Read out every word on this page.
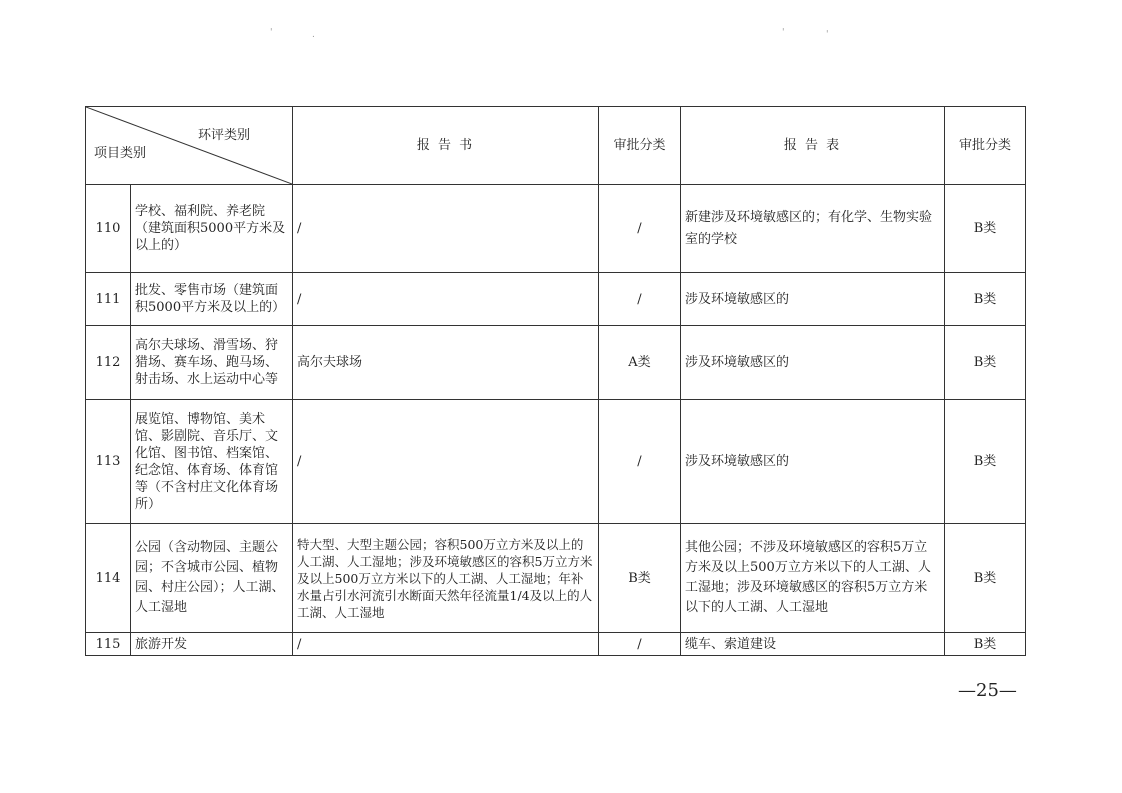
'	.	'	'
环评类别
项目类别		报 告 书	审批分类	报 告 表	审批分类
110	学校、福利院、养老院（建筑面积5000平方米及以上的）	/	/	新建涉及环境敏感区的；有化学、生物实验室的学校	B类
111	批发、零售市场（建筑面积5000平方米及以上的）	/	/	涉及环境敏感区的	B类
112	高尔夫球场、滑雪场、狩猎场、赛车场、跑马场、射击场、水上运动中心等	高尔夫球场	A类	涉及环境敏感区的	B类
113	展览馆、博物馆、美术馆、影剧院、音乐厅、文化馆、图书馆、档案馆、纪念馆、体育场、体育馆等（不含村庄文化体育场所）	/	/	涉及环境敏感区的	B类
114	公园（含动物园、主题公园；不含城市公园、植物园、村庄公园）；人工湖、人工湿地	特大型、大型主题公园；容积500万立方米及以上的人工湖、人工湿地；涉及环境敏感区的容积5万立方米及以上500万立方米以下的人工湖、人工湿地；年补水量占引水河流引水断面天然年径流量1/4及以上的人工湖、人工湿地	B类	其他公园；不涉及环境敏感区的容积5万立方米及以上500万立方米以下的人工湖、人工湿地；涉及环境敏感区的容积5万立方米以下的人工湖、人工湿地	B类
115	旅游开发	/	/	缆车、索道建设	B类
—25—
